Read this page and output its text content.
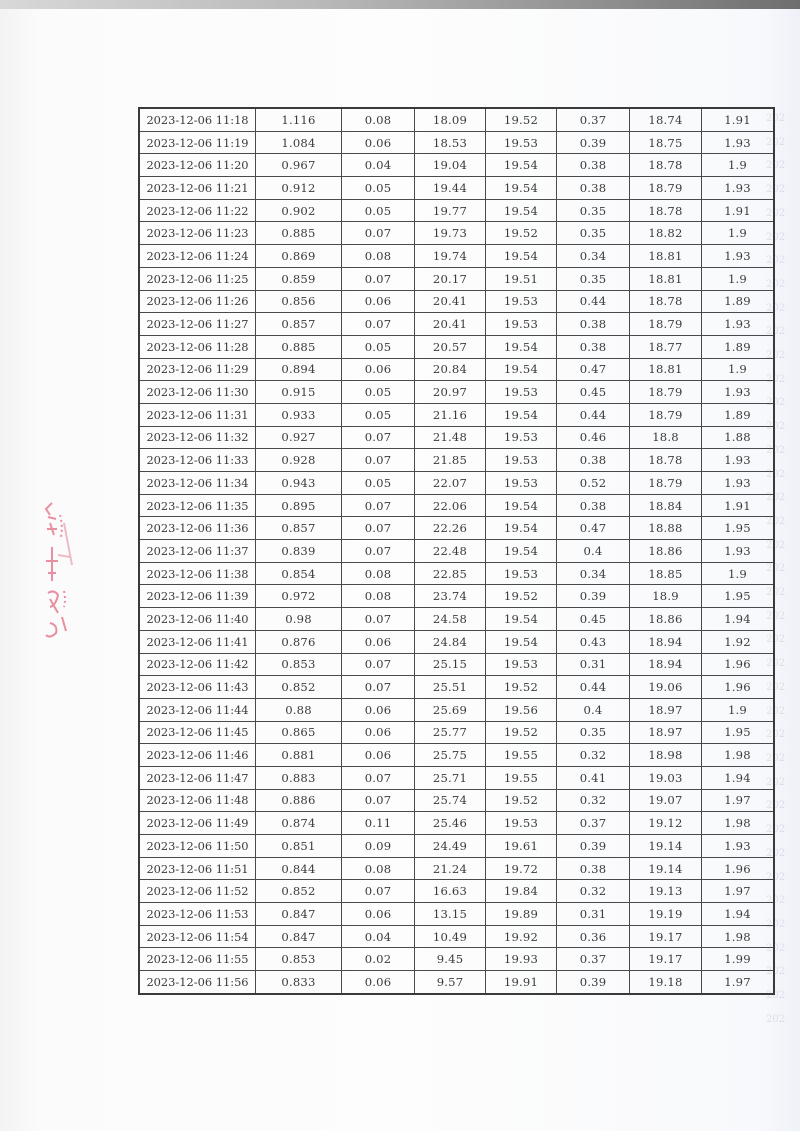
202
202
202
202
202
202
202
202
202
202
202
202
202
202
202
202
202
202
202
202
202
202
202
202
202
202
202
202
202
202
202
202
202
202
202
202
202
202
202
2023-12-06 11:18	1.116	0.08	18.09	19.52	0.37	18.74	1.91
2023-12-06 11:19	1.084	0.06	18.53	19.53	0.39	18.75	1.93
2023-12-06 11:20	0.967	0.04	19.04	19.54	0.38	18.78	1.9
2023-12-06 11:21	0.912	0.05	19.44	19.54	0.38	18.79	1.93
2023-12-06 11:22	0.902	0.05	19.77	19.54	0.35	18.78	1.91
2023-12-06 11:23	0.885	0.07	19.73	19.52	0.35	18.82	1.9
2023-12-06 11:24	0.869	0.08	19.74	19.54	0.34	18.81	1.93
2023-12-06 11:25	0.859	0.07	20.17	19.51	0.35	18.81	1.9
2023-12-06 11:26	0.856	0.06	20.41	19.53	0.44	18.78	1.89
2023-12-06 11:27	0.857	0.07	20.41	19.53	0.38	18.79	1.93
2023-12-06 11:28	0.885	0.05	20.57	19.54	0.38	18.77	1.89
2023-12-06 11:29	0.894	0.06	20.84	19.54	0.47	18.81	1.9
2023-12-06 11:30	0.915	0.05	20.97	19.53	0.45	18.79	1.93
2023-12-06 11:31	0.933	0.05	21.16	19.54	0.44	18.79	1.89
2023-12-06 11:32	0.927	0.07	21.48	19.53	0.46	18.8	1.88
2023-12-06 11:33	0.928	0.07	21.85	19.53	0.38	18.78	1.93
2023-12-06 11:34	0.943	0.05	22.07	19.53	0.52	18.79	1.93
2023-12-06 11:35	0.895	0.07	22.06	19.54	0.38	18.84	1.91
2023-12-06 11:36	0.857	0.07	22.26	19.54	0.47	18.88	1.95
2023-12-06 11:37	0.839	0.07	22.48	19.54	0.4	18.86	1.93
2023-12-06 11:38	0.854	0.08	22.85	19.53	0.34	18.85	1.9
2023-12-06 11:39	0.972	0.08	23.74	19.52	0.39	18.9	1.95
2023-12-06 11:40	0.98	0.07	24.58	19.54	0.45	18.86	1.94
2023-12-06 11:41	0.876	0.06	24.84	19.54	0.43	18.94	1.92
2023-12-06 11:42	0.853	0.07	25.15	19.53	0.31	18.94	1.96
2023-12-06 11:43	0.852	0.07	25.51	19.52	0.44	19.06	1.96
2023-12-06 11:44	0.88	0.06	25.69	19.56	0.4	18.97	1.9
2023-12-06 11:45	0.865	0.06	25.77	19.52	0.35	18.97	1.95
2023-12-06 11:46	0.881	0.06	25.75	19.55	0.32	18.98	1.98
2023-12-06 11:47	0.883	0.07	25.71	19.55	0.41	19.03	1.94
2023-12-06 11:48	0.886	0.07	25.74	19.52	0.32	19.07	1.97
2023-12-06 11:49	0.874	0.11	25.46	19.53	0.37	19.12	1.98
2023-12-06 11:50	0.851	0.09	24.49	19.61	0.39	19.14	1.93
2023-12-06 11:51	0.844	0.08	21.24	19.72	0.38	19.14	1.96
2023-12-06 11:52	0.852	0.07	16.63	19.84	0.32	19.13	1.97
2023-12-06 11:53	0.847	0.06	13.15	19.89	0.31	19.19	1.94
2023-12-06 11:54	0.847	0.04	10.49	19.92	0.36	19.17	1.98
2023-12-06 11:55	0.853	0.02	9.45	19.93	0.37	19.17	1.99
2023-12-06 11:56	0.833	0.06	9.57	19.91	0.39	19.18	1.97
